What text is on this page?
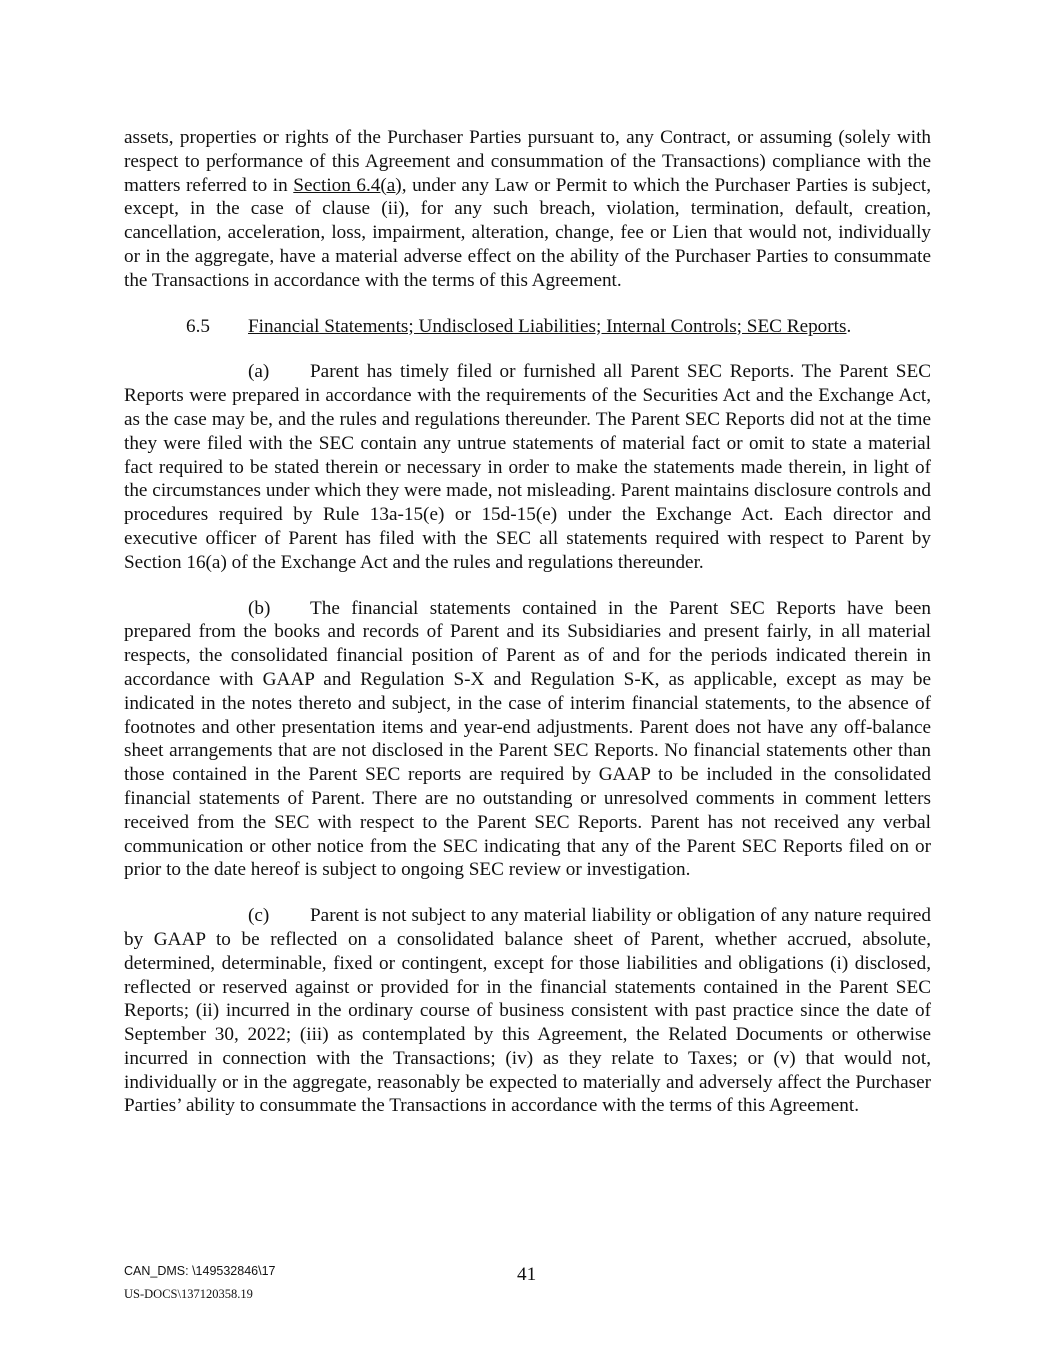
assets, properties or rights of the Purchaser Parties pursuant to, any Contract, or assuming (solely with respect to performance of this Agreement and consummation of the Transactions) compliance with the matters referred to in Section 6.4(a), under any Law or Permit to which the Purchaser Parties is subject, except, in the case of clause (ii), for any such breach, violation, termination, default, creation, cancellation, acceleration, loss, impairment, alteration, change, fee or Lien that would not, individually or in the aggregate, have a material adverse effect on the ability of the Purchaser Parties to consummate the Transactions in accordance with the terms of this Agreement.

6.5 Financial Statements; Undisclosed Liabilities; Internal Controls; SEC Reports.

(a) Parent has timely filed or furnished all Parent SEC Reports. The Parent SEC Reports were prepared in accordance with the requirements of the Securities Act and the Exchange Act, as the case may be, and the rules and regulations thereunder. The Parent SEC Reports did not at the time they were filed with the SEC contain any untrue statements of material fact or omit to state a material fact required to be stated therein or necessary in order to make the statements made therein, in light of the circumstances under which they were made, not misleading. Parent maintains disclosure controls and procedures required by Rule 13a-15(e) or 15d-15(e) under the Exchange Act. Each director and executive officer of Parent has filed with the SEC all statements required with respect to Parent by Section 16(a) of the Exchange Act and the rules and regulations thereunder.

(b) The financial statements contained in the Parent SEC Reports have been prepared from the books and records of Parent and its Subsidiaries and present fairly, in all material respects, the consolidated financial position of Parent as of and for the periods indicated therein in accordance with GAAP and Regulation S-X and Regulation S-K, as applicable, except as may be indicated in the notes thereto and subject, in the case of interim financial statements, to the absence of footnotes and other presentation items and year-end adjustments. Parent does not have any off-balance sheet arrangements that are not disclosed in the Parent SEC Reports. No financial statements other than those contained in the Parent SEC reports are required by GAAP to be included in the consolidated financial statements of Parent. There are no outstanding or unresolved comments in comment letters received from the SEC with respect to the Parent SEC Reports. Parent has not received any verbal communication or other notice from the SEC indicating that any of the Parent SEC Reports filed on or prior to the date hereof is subject to ongoing SEC review or investigation.

(c) Parent is not subject to any material liability or obligation of any nature required by GAAP to be reflected on a consolidated balance sheet of Parent, whether accrued, absolute, determined, determinable, fixed or contingent, except for those liabilities and obligations (i) disclosed, reflected or reserved against or provided for in the financial statements contained in the Parent SEC Reports; (ii) incurred in the ordinary course of business consistent with past practice since the date of September 30, 2022; (iii) as contemplated by this Agreement, the Related Documents or otherwise incurred in connection with the Transactions; (iv) as they relate to Taxes; or (v) that would not, individually or in the aggregate, reasonably be expected to materially and adversely affect the Purchaser Parties’ ability to consummate the Transactions in accordance with the terms of this Agreement.

CAN_DMS: \149532846\17
US-DOCS\137120358.19
41
